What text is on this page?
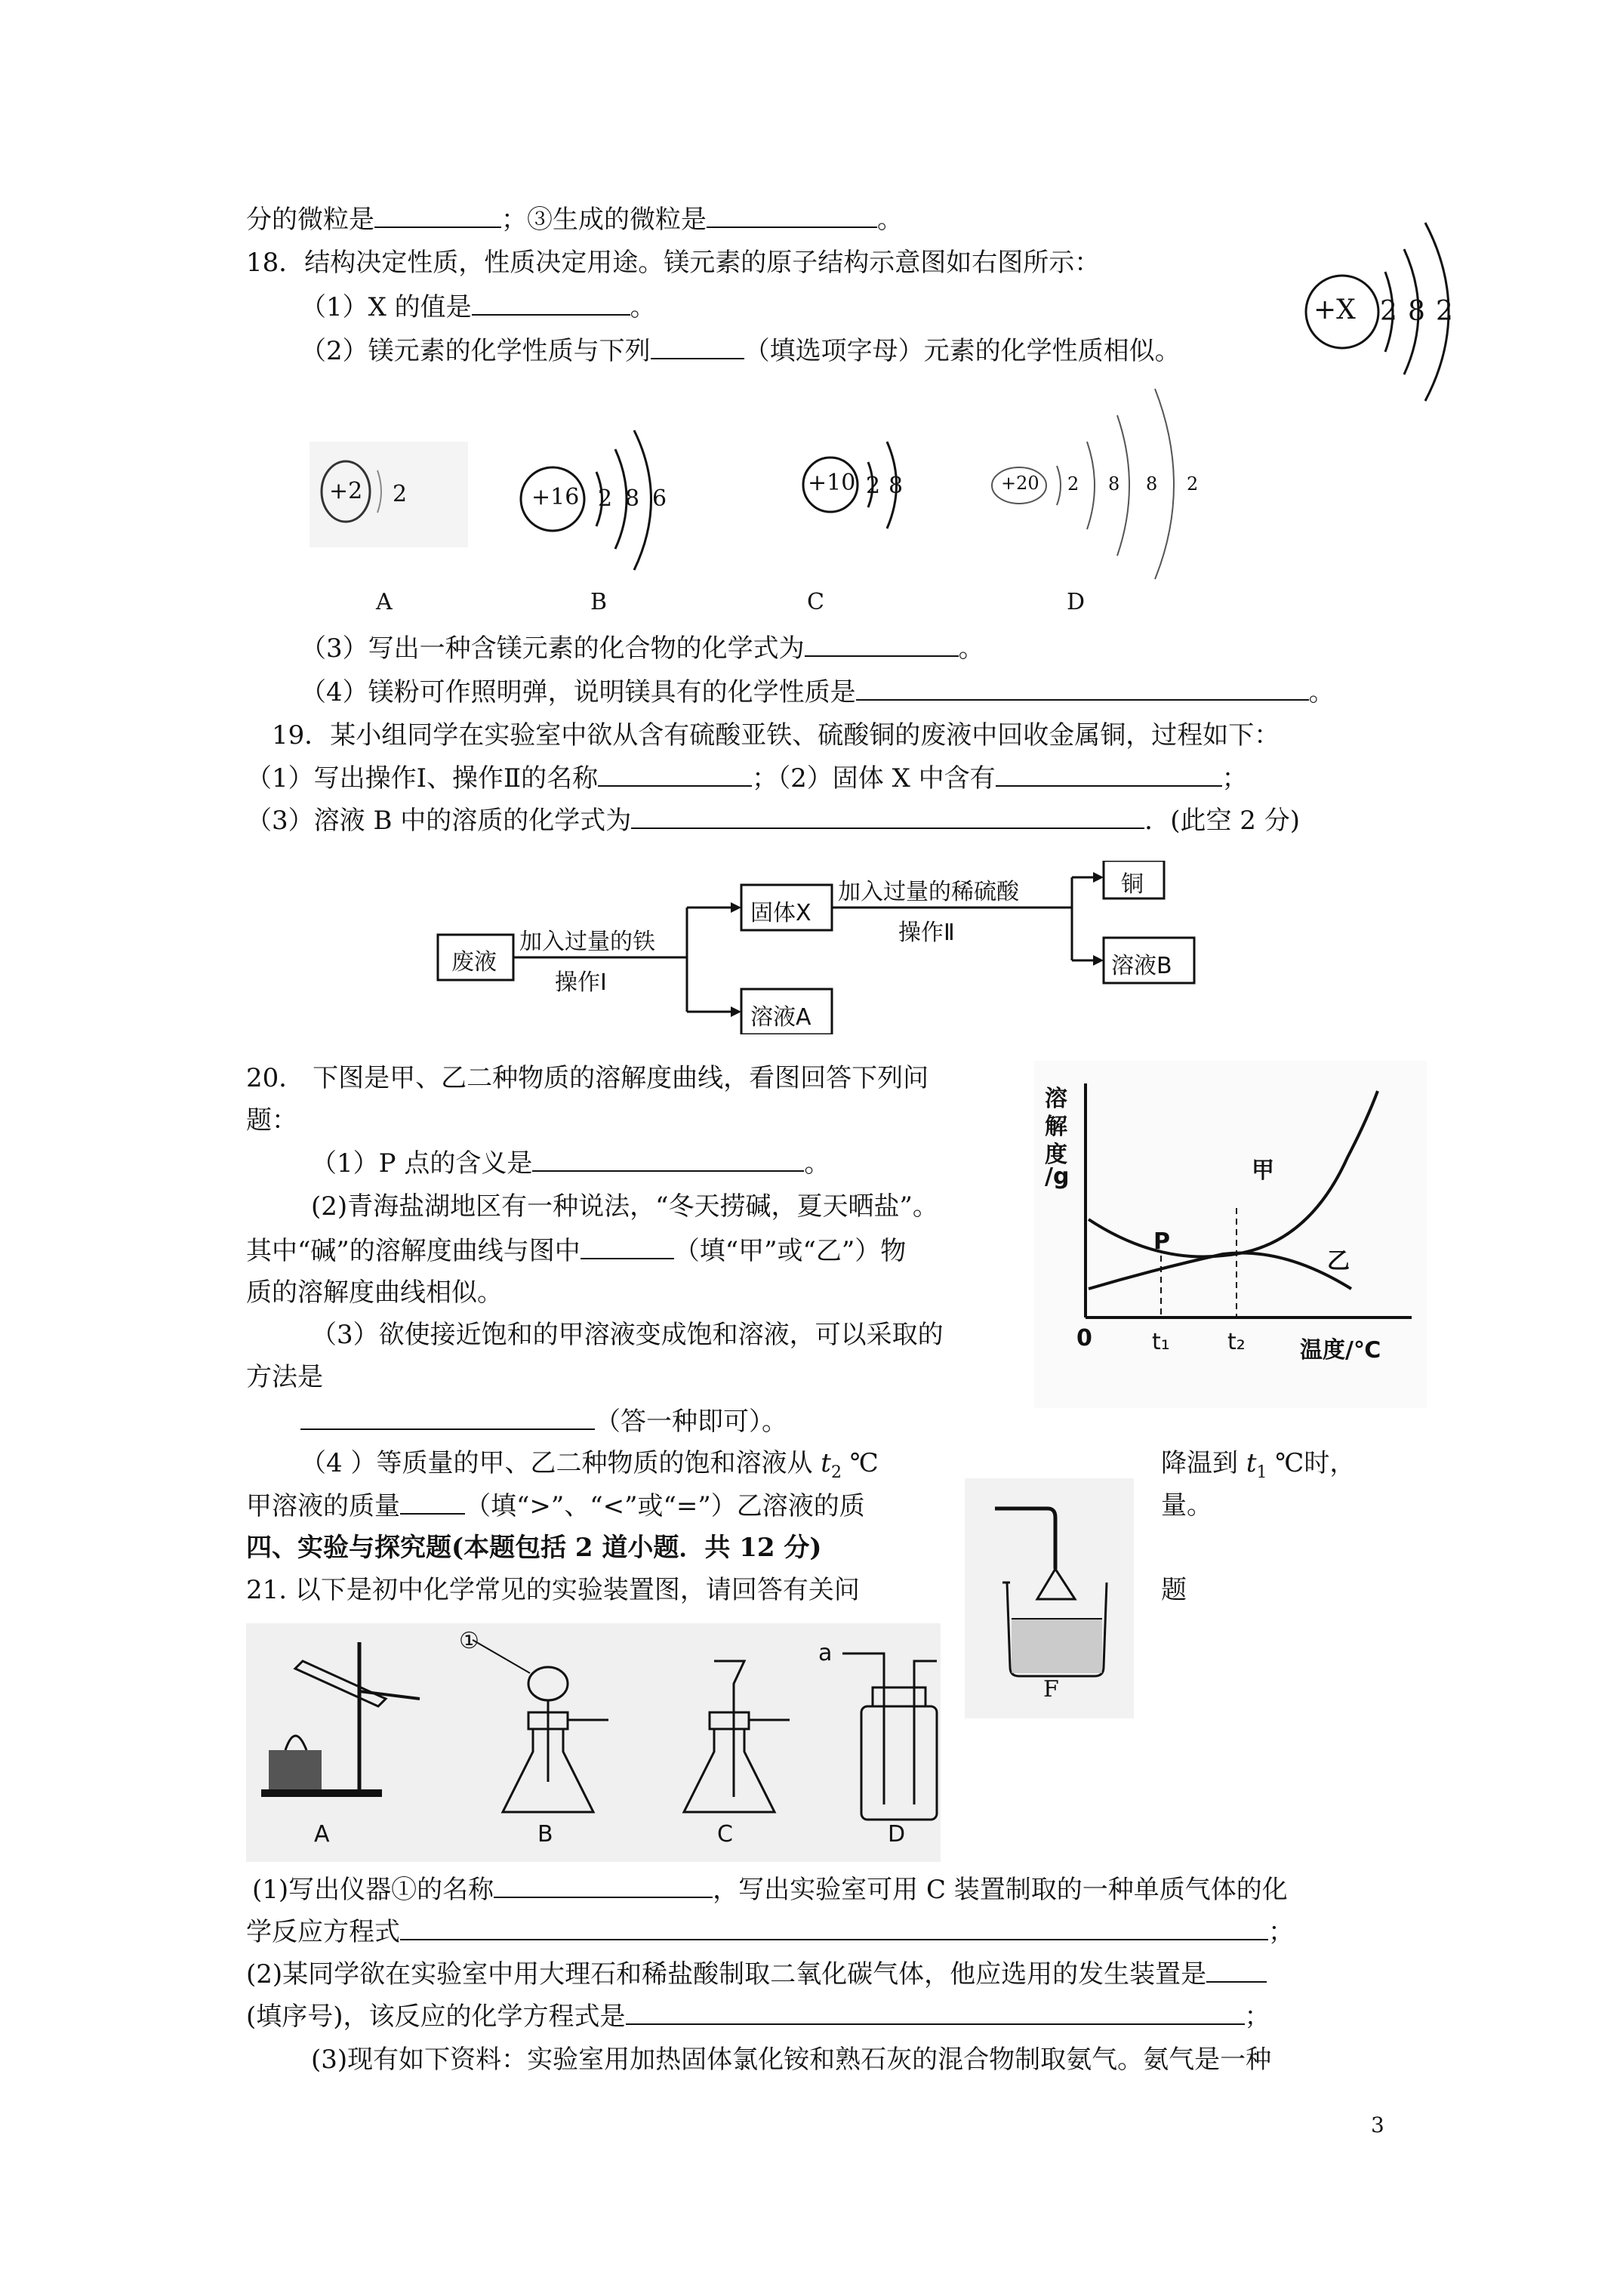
分的微粒是	；③生成的微粒是	。
18．结构决定性质，性质决定用途。镁元素的原子结构示意图如右图所示：
（1）X 的值是	。
（2）镁元素的化学性质与下列	（填选项字母）元素的化学性质相似。
+X 2 8 2
+2 2	+16 2 8 6
+10 2 8	+20 2 8 8 2
A	B	C	D
（3）写出一种含镁元素的化合物的化学式为	。
（4）镁粉可作照明弹，说明镁具有的化学性质是	。
19．某小组同学在实验室中欲从含有硫酸亚铁、硫酸铜的废液中回收金属铜，过程如下：
（1）写出操作Ⅰ、操作Ⅱ的名称	；（2）固体 X 中含有	；
（3）溶液 B 中的溶质的化学式为	．(此空 2 分)
废液
加入过量的铁
操作Ⅰ
固体X
溶液A
加入过量的稀硫酸
操作Ⅱ
铜
溶液B
20． 下图是甲、乙二种物质的溶解度曲线，看图回答下列问
题：
（1）P 点的含义是	。
(2)青海盐湖地区有一种说法，“冬天捞碱，夏天晒盐”。
其中“碱”的溶解度曲线与图中	（填“甲”或“乙”）物
质的溶解度曲线相似。
（3）欲使接近饱和的甲溶液变成饱和溶液，可以采取的
方法是
（答一种即可）。
溶
解
度
/g
0	t₁	t₂ 温度/℃
P
甲
乙
（4 ）等质量的甲、乙二种物质的饱和溶液从 $t_2$ ℃	降温到 $t_1$ ℃时，
甲溶液的质量	（填“>”、“<”或“=”）乙溶液的质	量。
四、实验与探究题(本题包括 2 道小题．共 12 分)
21. 以下是初中化学常见的实验装置图，请回答有关问	题
F
①	a
A	B	C	D
(1)写出仪器①的名称	，写出实验室可用 C 装置制取的一种单质气体的化
学反应方程式	；
(2)某同学欲在实验室中用大理石和稀盐酸制取二氧化碳气体，他应选用的发生装置是
(填序号)，该反应的化学方程式是	；
(3)现有如下资料：实验室用加热固体氯化铵和熟石灰的混合物制取氨气。氨气是一种
3
